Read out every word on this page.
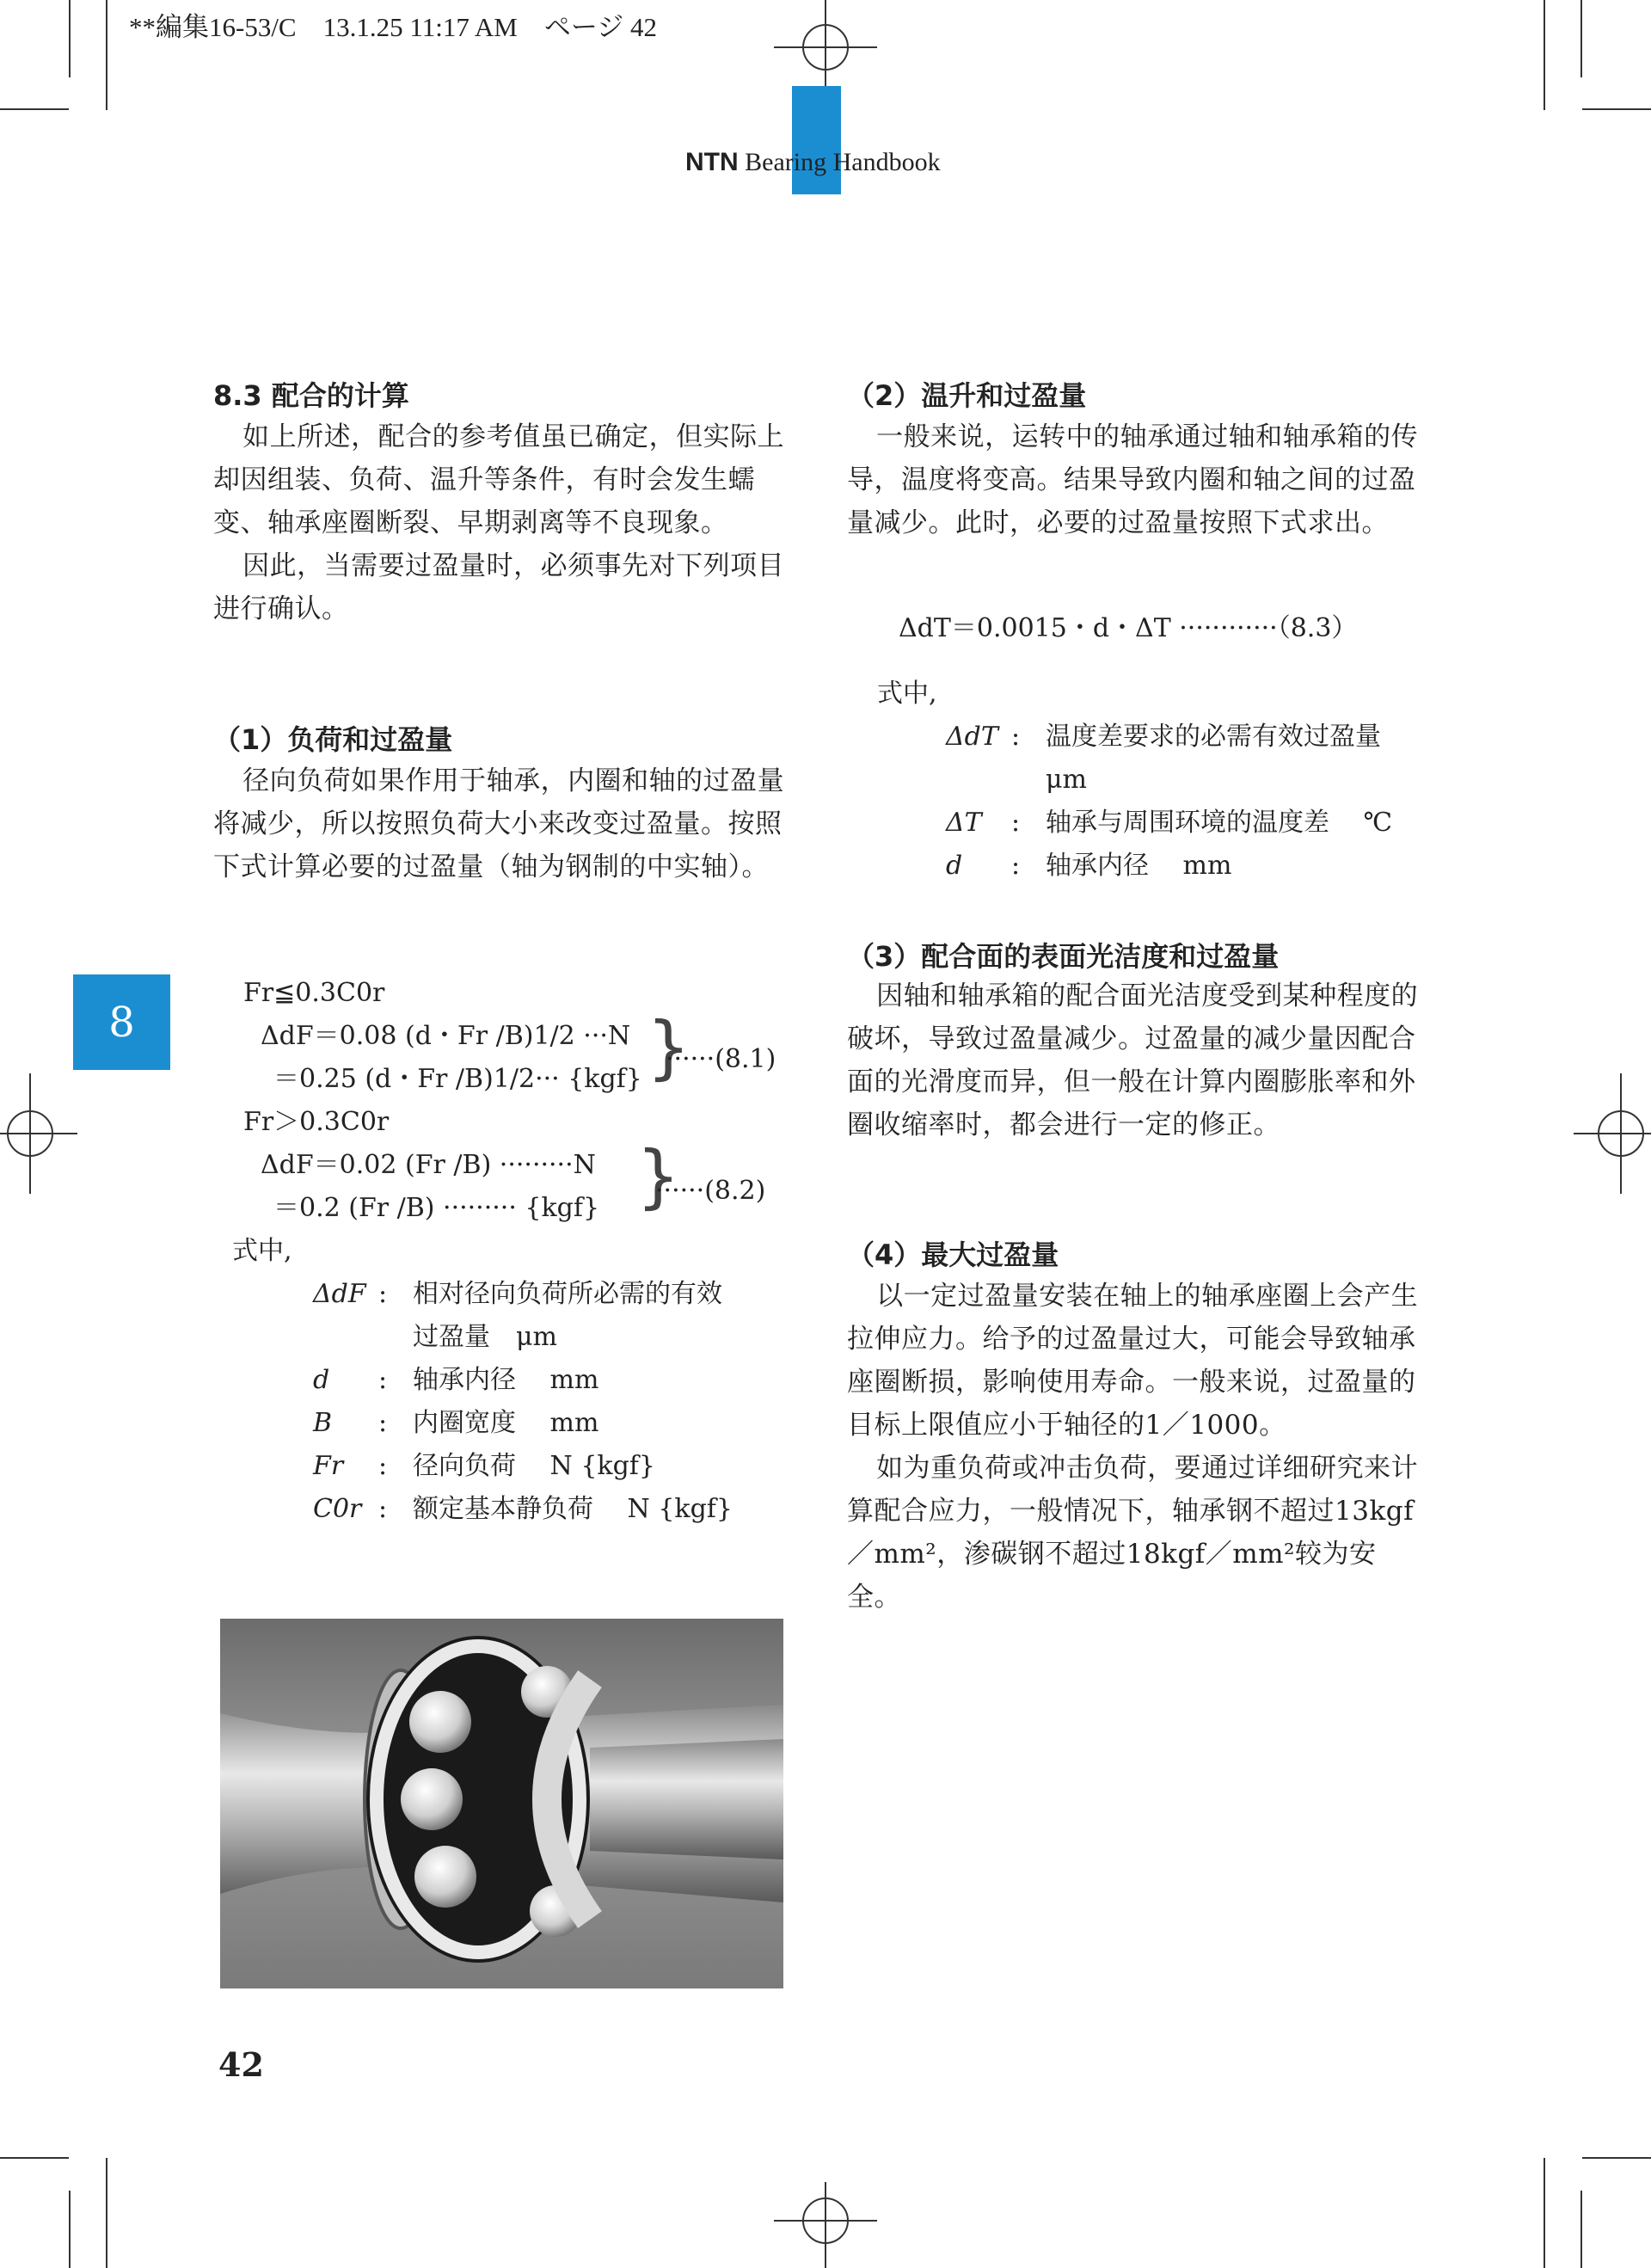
**編集16-53/C　13.1.25 11:17 AM　ページ 42
NTN Bearing Handbook
8
8.3 配合的计算

如上所述，配合的参考值虽已确定，但实际上却因组装、负荷、温升等条件，有时会发生蠕变、轴承座圈断裂、早期剥离等不良现象。

因此，当需要过盈量时，必须事先对下列项目进行确认。

（1）负荷和过盈量

径向负荷如果作用于轴承，内圈和轴的过盈量将减少，所以按照负荷大小来改变过盈量。按照下式计算必要的过盈量（轴为钢制的中实轴）。

Fr≦0.3C0r
ΔdF＝0.08 (d・Fr /B)1/2 ···N
＝0.25 (d・Fr /B)1/2··· {kgf} }
······(8.1)
Fr＞0.3C0r
ΔdF＝0.02 (Fr /B) ·········N
＝0.2 (Fr /B) ········· {kgf} }
······(8.2)
式中,
ΔdF : 相对径向负荷所必需的有效
过盈量　μm
d	: 轴承内径　 mm
B	: 内圈宽度　 mm
Fr	: 径向负荷　 N {kgf}
C0r : 额定基本静负荷　 N {kgf}
42
（2）温升和过盈量

一般来说，运转中的轴承通过轴和轴承箱的传导，温度将变高。结果导致内圈和轴之间的过盈量减少。此时，必要的过盈量按照下式求出。

ΔdT＝0.0015・d・ΔT ············（8.3）
式中,
ΔdT : 温度差要求的必需有效过盈量
μm
ΔT	: 轴承与周围环境的温度差　 ℃
d	: 轴承内径　 mm
（3）配合面的表面光洁度和过盈量

因轴和轴承箱的配合面光洁度受到某种程度的破坏，导致过盈量减少。过盈量的减少量因配合面的光滑度而异，但一般在计算内圈膨胀率和外圈收缩率时，都会进行一定的修正。

（4）最大过盈量

以一定过盈量安装在轴上的轴承座圈上会产生拉伸应力。给予的过盈量过大，可能会导致轴承座圈断损，影响使用寿命。一般来说，过盈量的目标上限值应小于轴径的1／1000。

如为重负荷或冲击负荷，要通过详细研究来计算配合应力，一般情况下，轴承钢不超过13kgf／mm²，渗碳钢不超过18kgf／mm²较为安全。
